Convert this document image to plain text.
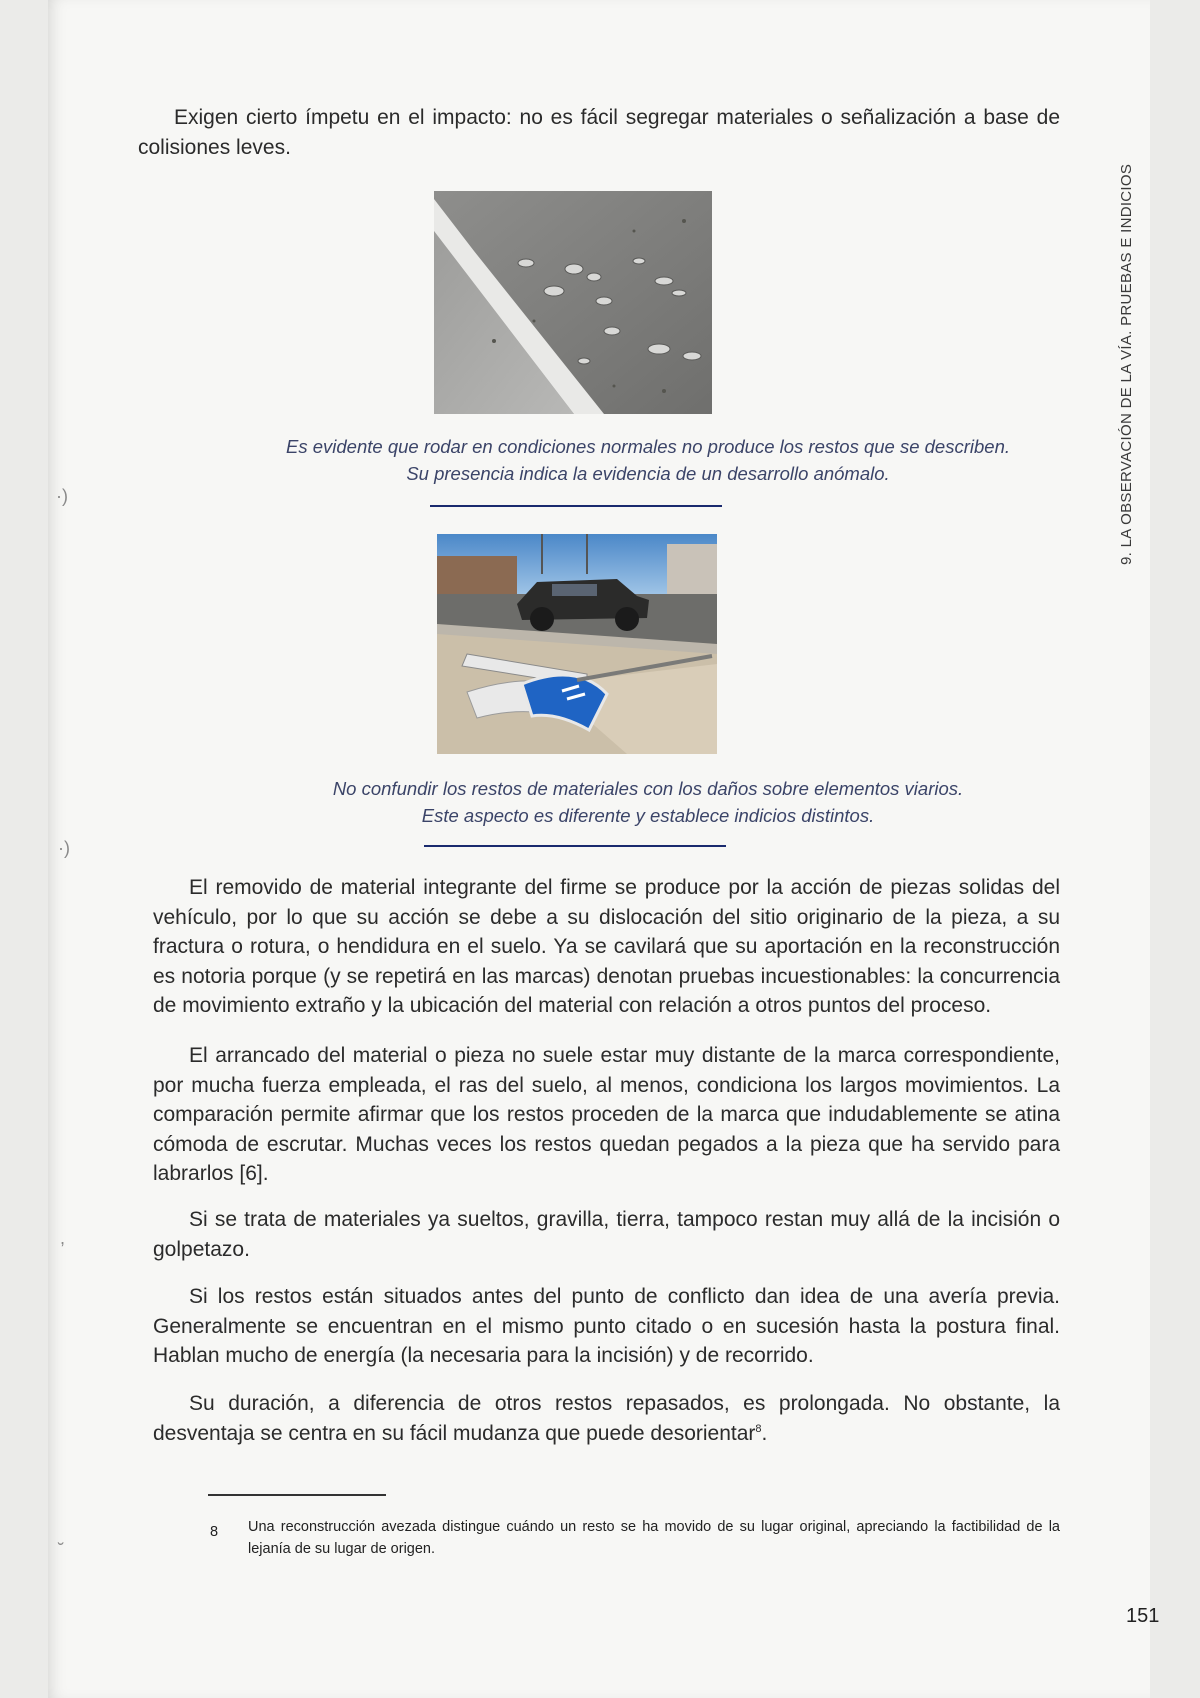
9. LA OBSERVACIÓN DE LA VÍA. PRUEBAS E INDICIOS

Exigen cierto ímpetu en el impacto: no es fácil segregar materiales o señalización a base de colisiones leves.

Es evidente que rodar en condiciones normales no produce los restos que se describen.
Su presencia indica la evidencia de un desarrollo anómalo.

No confundir los restos de materiales con los daños sobre elementos viarios.
Este aspecto es diferente y establece indicios distintos.

El removido de material integrante del firme se produce por la acción de piezas solidas del vehículo, por lo que su acción se debe a su dislocación del sitio originario de la pieza, a su fractura o rotura, o hendidura en el suelo. Ya se cavilará que su aportación en la reconstrucción es notoria porque (y se repetirá en las marcas) denotan pruebas incuestionables: la concurrencia de movimiento extraño y la ubicación del material con relación a otros puntos del proceso.

El arrancado del material o pieza no suele estar muy distante de la marca correspondiente, por mucha fuerza empleada, el ras del suelo, al menos, condiciona los largos movimientos. La comparación permite afirmar que los restos proceden de la marca que indudablemente se atina cómoda de escrutar. Muchas veces los restos quedan pegados a la pieza que ha servido para labrarlos [6].

Si se trata de materiales ya sueltos, gravilla, tierra, tampoco restan muy allá de la incisión o golpetazo.

Si los restos están situados antes del punto de conflicto dan idea de una avería previa. Generalmente se encuentran en el mismo punto citado o en sucesión hasta la postura final. Hablan mucho de energía (la necesaria para la incisión) y de recorrido.

Su duración, a diferencia de otros restos repasados, es prolongada. No obstante, la desventaja se centra en su fácil mudanza que puede desorientar$^8$.

8 Una reconstrucción avezada distingue cuándo un resto se ha movido de su lugar original, apreciando la factibilidad de la lejanía de su lugar de origen.

151
·)
·)
,
˘
